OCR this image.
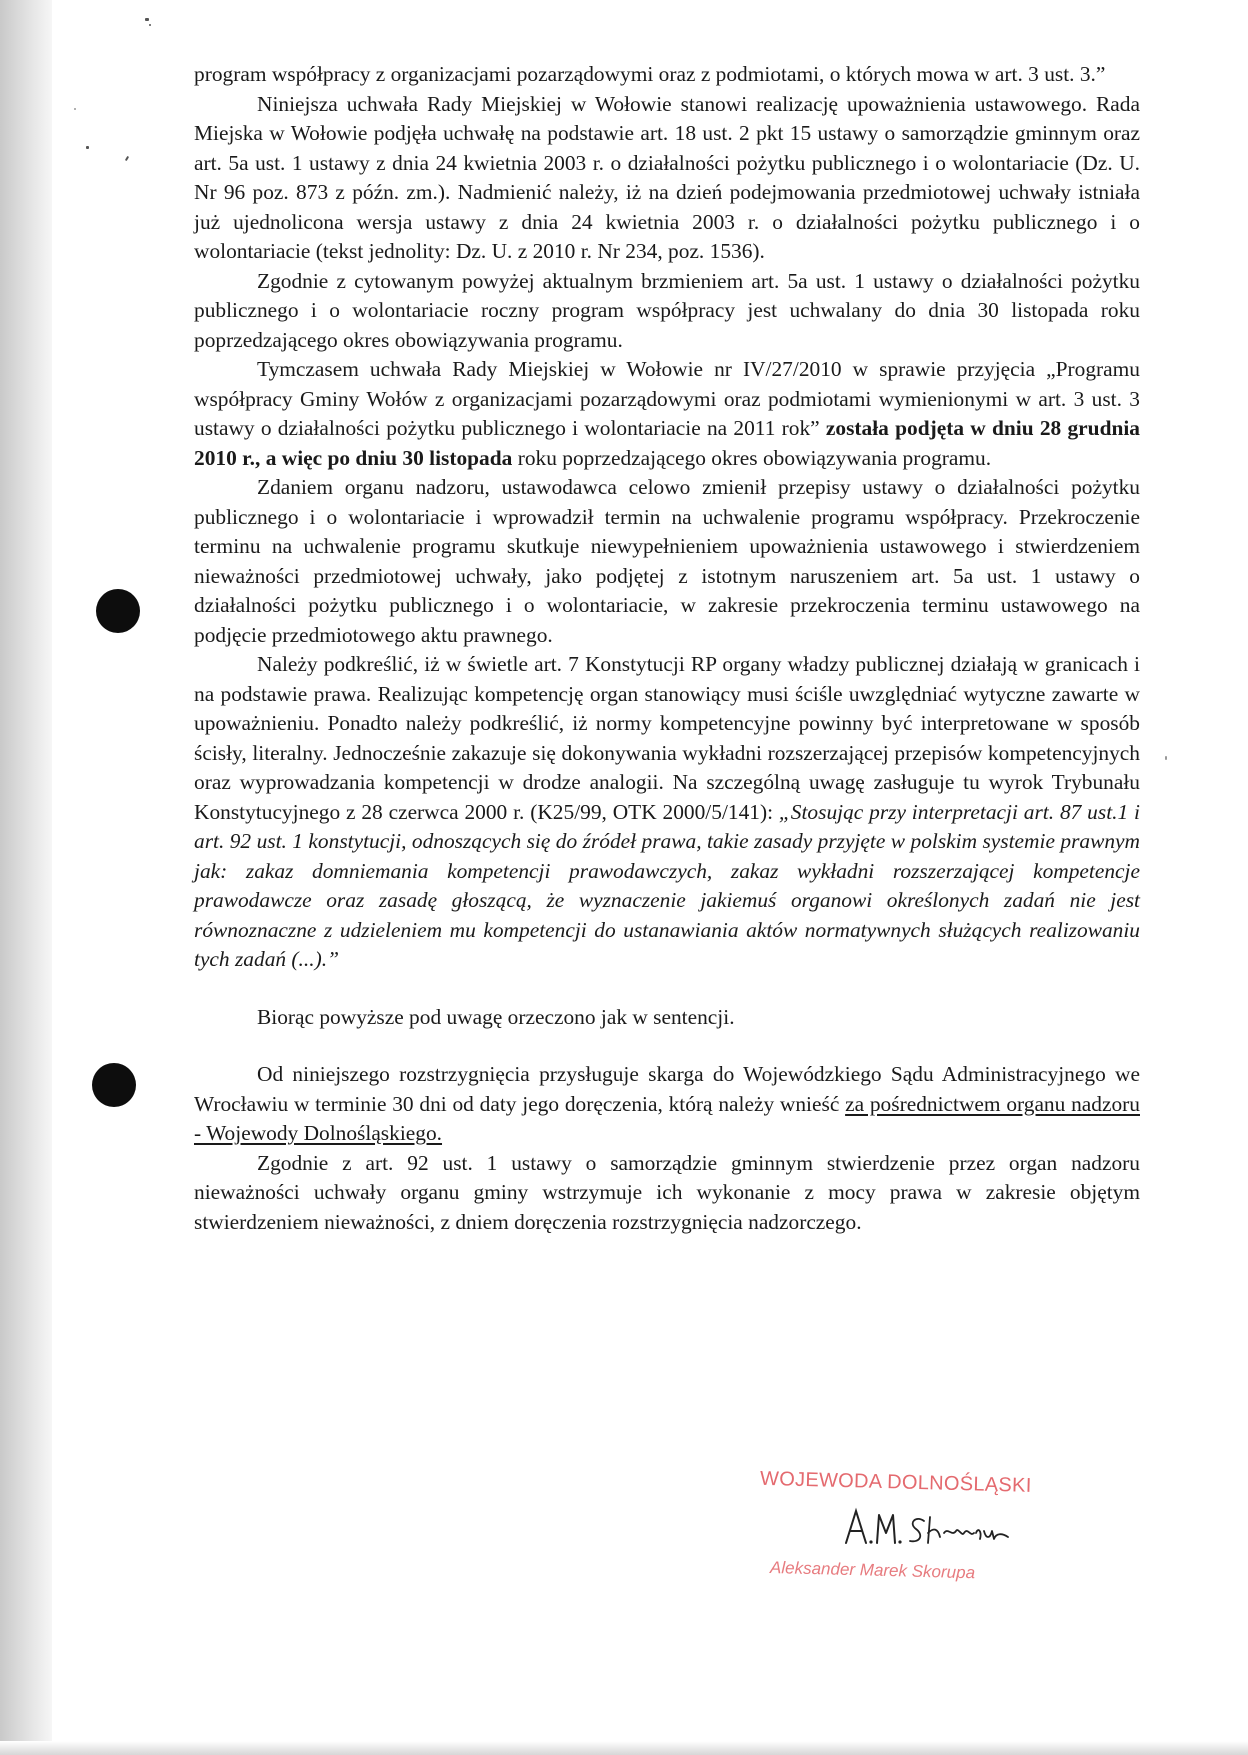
program współpracy z organizacjami pozarządowymi oraz z podmiotami, o których mowa w art. 3 ust. 3.”

Niniejsza uchwała Rady Miejskiej w Wołowie stanowi realizację upoważnienia ustawowego. Rada Miejska w Wołowie podjęła uchwałę na podstawie art. 18 ust. 2 pkt 15 ustawy o samorządzie gminnym oraz art. 5a ust. 1 ustawy z dnia 24 kwietnia 2003 r. o działalności pożytku publicznego i o wolontariacie (Dz. U. Nr 96 poz. 873 z późn. zm.). Nadmienić należy, iż na dzień podejmowania przedmiotowej uchwały istniała już ujednolicona wersja ustawy z dnia 24 kwietnia 2003 r. o działalności pożytku publicznego i o wolontariacie (tekst jednolity: Dz. U. z 2010 r. Nr 234, poz. 1536).

Zgodnie z cytowanym powyżej aktualnym brzmieniem art. 5a ust. 1 ustawy o działalności pożytku publicznego i o wolontariacie roczny program współpracy jest uchwalany do dnia 30 listopada roku poprzedzającego okres obowiązywania programu.

Tymczasem uchwała Rady Miejskiej w Wołowie nr IV/27/2010 w sprawie przyjęcia „Programu współpracy Gminy Wołów z organizacjami pozarządowymi oraz podmiotami wymienionymi w art. 3 ust. 3 ustawy o działalności pożytku publicznego i wolontariacie na 2011 rok” została podjęta w dniu 28 grudnia 2010 r., a więc po dniu 30 listopada roku poprzedzającego okres obowiązywania programu.

Zdaniem organu nadzoru, ustawodawca celowo zmienił przepisy ustawy o działalności pożytku publicznego i o wolontariacie i wprowadził termin na uchwalenie programu współpracy. Przekroczenie terminu na uchwalenie programu skutkuje niewypełnieniem upoważnienia ustawowego i stwierdzeniem nieważności przedmiotowej uchwały, jako podjętej z istotnym naruszeniem art. 5a ust. 1 ustawy o działalności pożytku publicznego i o wolontariacie, w zakresie przekroczenia terminu ustawowego na podjęcie przedmiotowego aktu prawnego.

Należy podkreślić, iż w świetle art. 7 Konstytucji RP organy władzy publicznej działają w granicach i na podstawie prawa. Realizując kompetencję organ stanowiący musi ściśle uwzględniać wytyczne zawarte w upoważnieniu. Ponadto należy podkreślić, iż normy kompetencyjne powinny być interpretowane w sposób ścisły, literalny. Jednocześnie zakazuje się dokonywania wykładni rozszerzającej przepisów kompetencyjnych oraz wyprowadzania kompetencji w drodze analogii. Na szczególną uwagę zasługuje tu wyrok Trybunału Konstytucyjnego z 28 czerwca 2000 r. (K25/99, OTK 2000/5/141): „Stosując przy interpretacji art. 87 ust.1 i art. 92 ust. 1 konstytucji, odnoszących się do źródeł prawa, takie zasady przyjęte w polskim systemie prawnym jak: zakaz domniemania kompetencji prawodawczych, zakaz wykładni rozszerzającej kompetencje prawodawcze oraz zasadę głoszącą, że wyznaczenie jakiemuś organowi określonych zadań nie jest równoznaczne z udzieleniem mu kompetencji do ustanawiania aktów normatywnych służących realizowaniu tych zadań (...).”

Biorąc powyższe pod uwagę orzeczono jak w sentencji.

Od niniejszego rozstrzygnięcia przysługuje skarga do Wojewódzkiego Sądu Administracyjnego we Wrocławiu w terminie 30 dni od daty jego doręczenia, którą należy wnieść za pośrednictwem organu nadzoru - Wojewody Dolnośląskiego.

Zgodnie z art. 92 ust. 1 ustawy o samorządzie gminnym stwierdzenie przez organ nadzoru nieważności uchwały organu gminy wstrzymuje ich wykonanie z mocy prawa w zakresie objętym stwierdzeniem nieważności, z dniem doręczenia rozstrzygnięcia nadzorczego.

WOJEWODA DOLNOŚLĄSKI
Aleksander Marek Skorupa
